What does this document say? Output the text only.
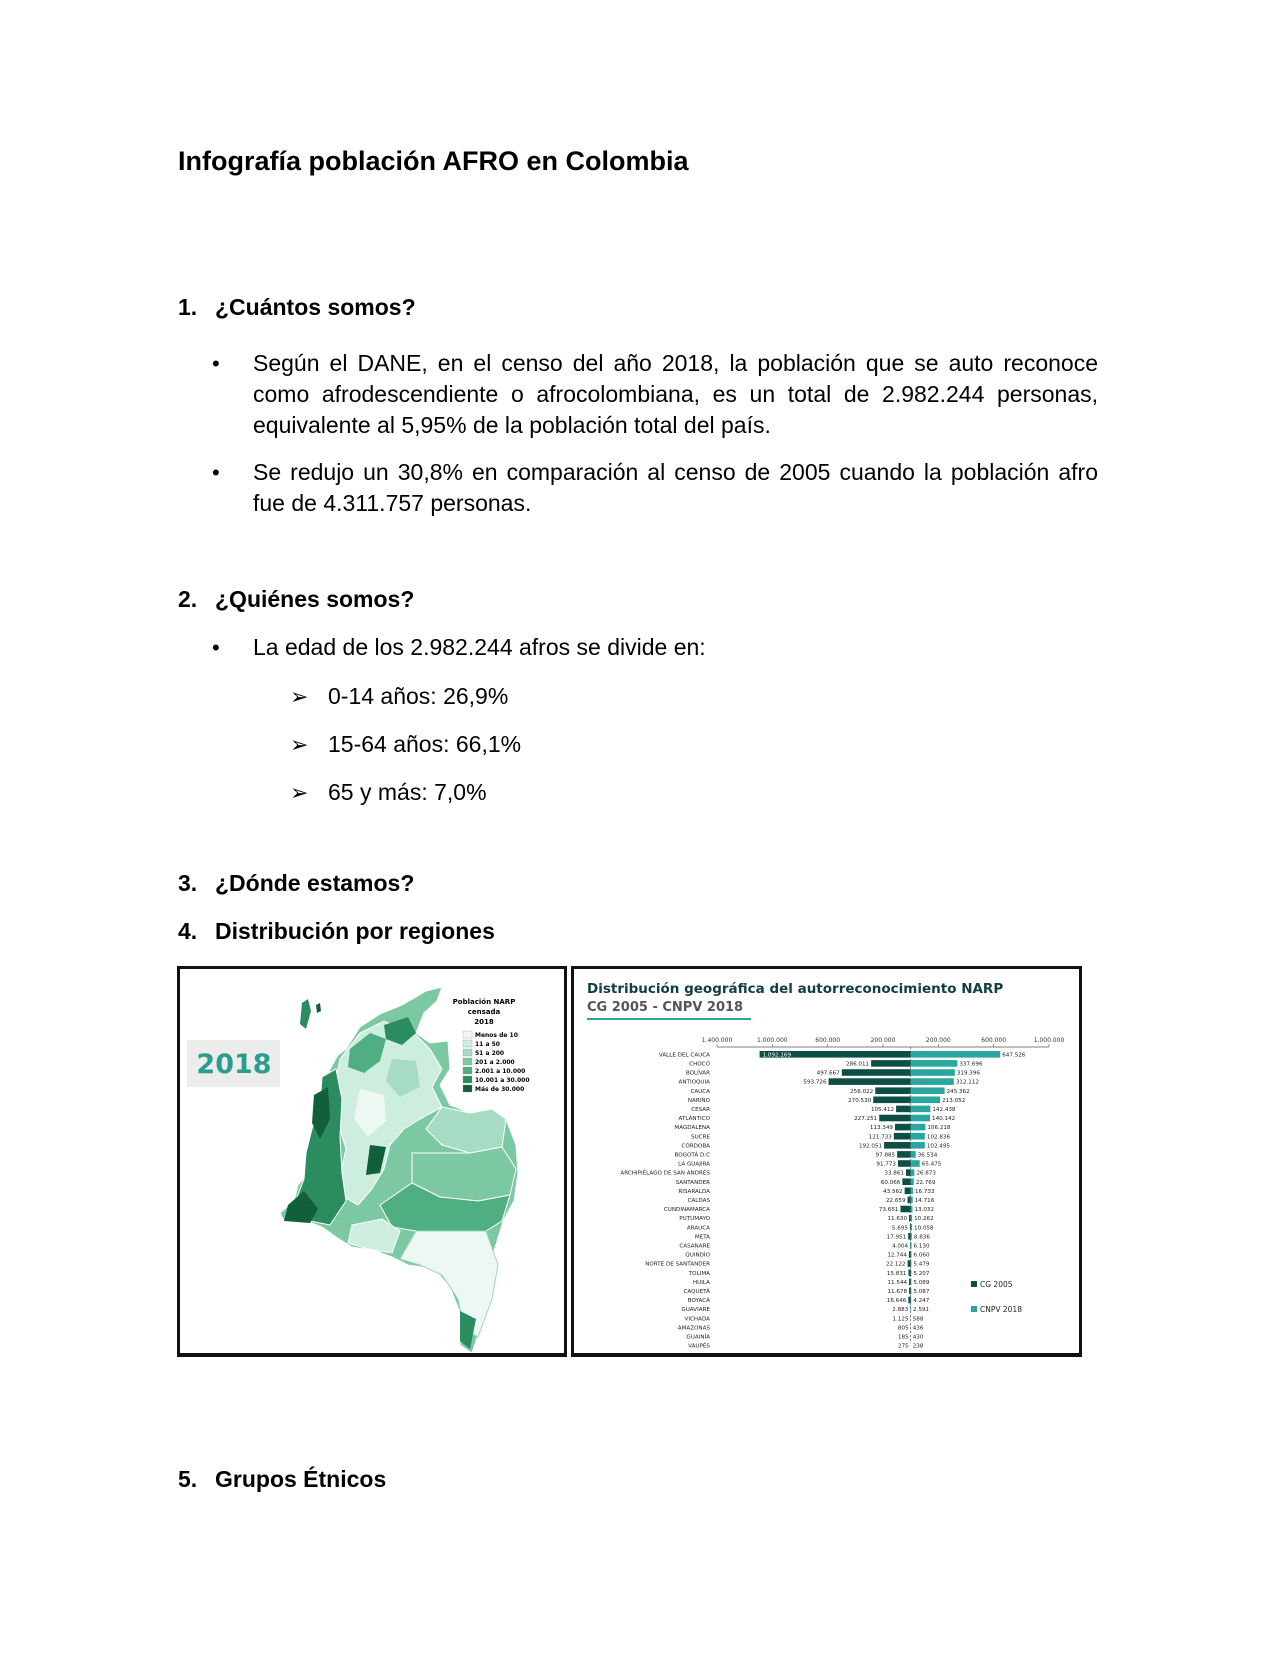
Infografía población AFRO en Colombia
1. ¿Cuántos somos?
•	Según el DANE, en el censo del año 2018, la población que se auto reconoce como afrodescendiente o afrocolombiana, es un total de 2.982.244 personas, equivalente al 5,95% de la población total del país.
•	Se redujo un 30,8% en comparación al censo de 2005 cuando la población afro fue de 4.311.757 personas.
2. ¿Quiénes somos?
•	La edad de los 2.982.244 afros se divide en:
➢ 0-14 años: 26,9%
➢ 15-64 años: 66,1%
➢ 65 y más: 7,0%
3. ¿Dónde estamos?
4. Distribución por regiones
2018
Población NARP
censada
2018
Menos de 10
11 a 50
51 a 200
201 a 2.000
2.001 a 10.000
10.001 a 30.000
Más de 30.000
Distribución geográfica del autorreconocimiento NARP
CG 2005 - CNPV 2018
1.400.000	1.000.000	600.000	200.000	200.000	600.000	1.000.000
VALLE DEL CAUCA	1.092.169	647.526
CHOCÓ	286.011	337.696
BOLÍVAR	497.667	319.396
ANTIOQUIA	593.726	312.112
CAUCA	256.022	245.362
NARIÑO	270.530	213.052
CESAR	105.412	142.438
ATLÁNTICO	227.251	140.142
MAGDALENA	113.349	106.218
SUCRE	121.733	102.836
CÓRDOBA	192.051	102.495
BOGOTÁ D.C	97.885	36.534
LA GUAJIRA	91.773	65.475
ARCHIPIÉLAGO DE SAN ANDRÉS	33.861 26.873
SANTANDER	60.066	22.769
RISARALDA	43.562 16.733
CALDAS	22.659 14.716
CUNDINAMARCA	73.651	13.032
PUTUMAYO	11.630 10.262
ARAUCA	5.695 10.058
META	17.951 8.836
CASANARE	4.004 6.130
QUINDÍO	12.744 6.060
NORTE DE SANTANDER	22.122 5.479
TOLIMA	15.831 5.207
HUILA	11.544 5.089
CAQUETÁ	11.678 5.087
BOYACÁ	16.646 4.247
GUAVIARE	2.883 2.591
VICHADA	1.125 588
AMAZONAS	805 436
GUAINÍA	185 430
VAUPÉS	275 238
CG 2005
CNPV 2018
5. Grupos Étnicos
